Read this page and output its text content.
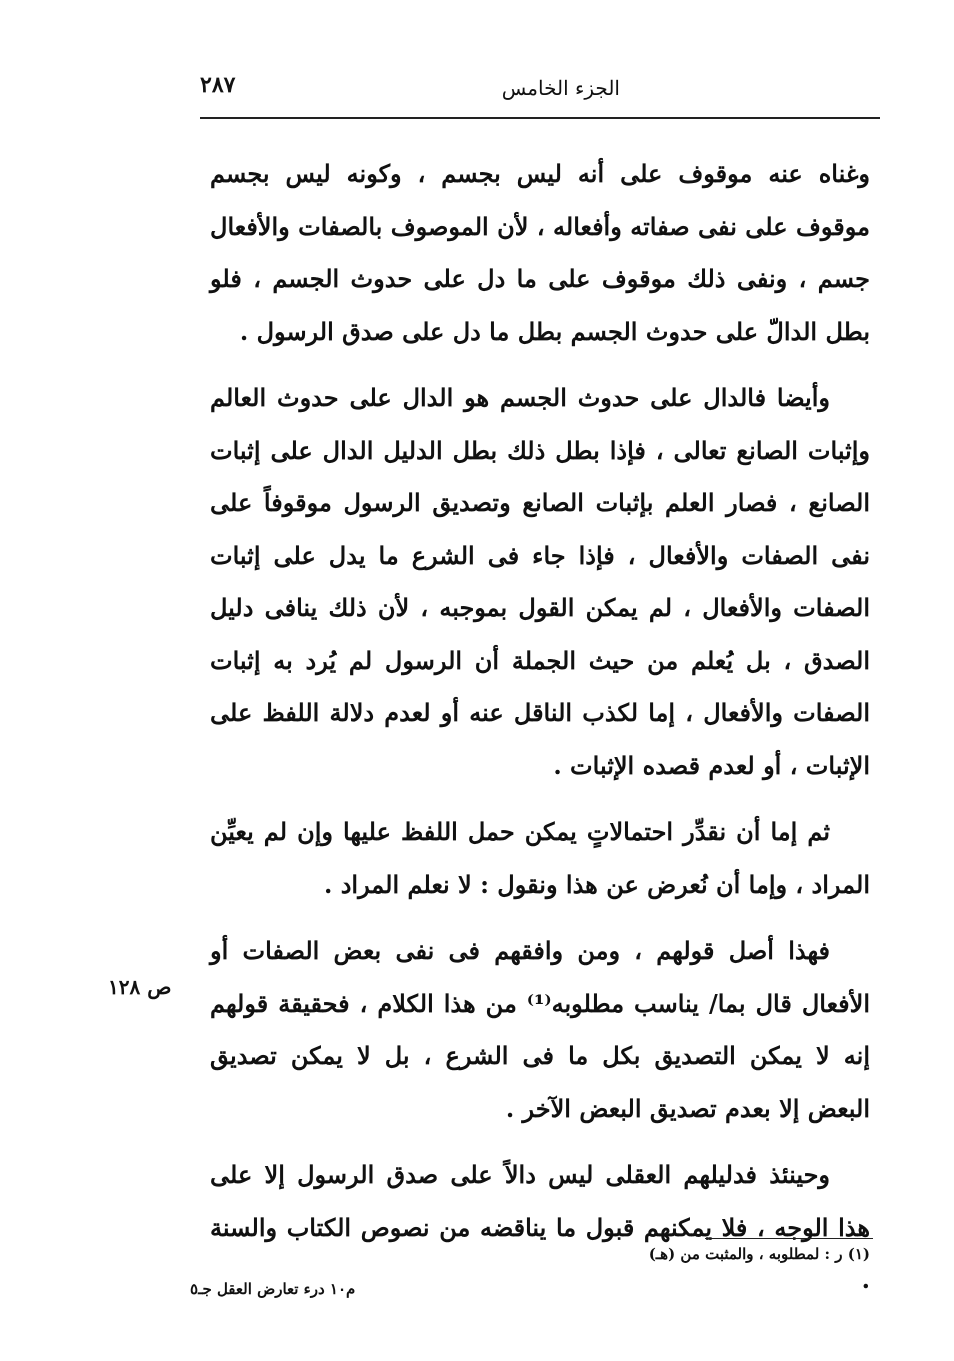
الجزء الخامس
٢٨٧

وغناه عنه موقوف على أنه ليس بجسم ، وكونه ليس بجسم موقوف على نفى صفاته وأفعاله ، لأن الموصوف بالصفات والأفعال جسم ، ونفى ذلك موقوف على ما دل على حدوث الجسم ، فلو بطل الدالّ على حدوث الجسم بطل ما دل على صدق الرسول .

وأيضا فالدال على حدوث الجسم هو الدال على حدوث العالم وإثبات الصانع تعالى ، فإذا بطل ذلك بطل الدليل الدال على إثبات الصانع ، فصار العلم بإثبات الصانع وتصديق الرسول موقوفاً على نفى الصفات والأفعال ، فإذا جاء فى الشرع ما يدل على إثبات الصفات والأفعال ، لم يمكن القول بموجبه ، لأن ذلك ينافى دليل الصدق ، بل يُعلم من حيث الجملة أن الرسول لم يُرد به إثبات الصفات والأفعال ، إما لكذب الناقل عنه أو لعدم دلالة اللفظ على الإثبات ، أو لعدم قصده الإثبات .

ثم إما أن نقدِّر احتمالاتٍ يمكن حمل اللفظ عليها وإن لم يعيِّن المراد ، وإما أن نُعرض عن هذا ونقول : لا نعلم المراد .

فهذا أصل قولهم ، ومن وافقهم فى نفى بعض الصفات أو الأفعال قال بما/ يناسب مطلوبه⁽¹⁾ من هذا الكلام ، فحقيقة قولهم إنه لا يمكن التصديق بكل ما فى الشرع ، بل لا يمكن تصديق البعض إلا بعدم تصديق البعض الآخر .

وحينئذ فدليلهم العقلى ليس دالاً على صدق الرسول إلا على هذا الوجه ، فلا يمكنهم قبول ما يناقضه من نصوص الكتاب والسنة .

ص ١٢٨
(١) ر : لمطلوبه ، والمثبت من (هـ)
م١٠ درء تعارض العقل جـ٥
